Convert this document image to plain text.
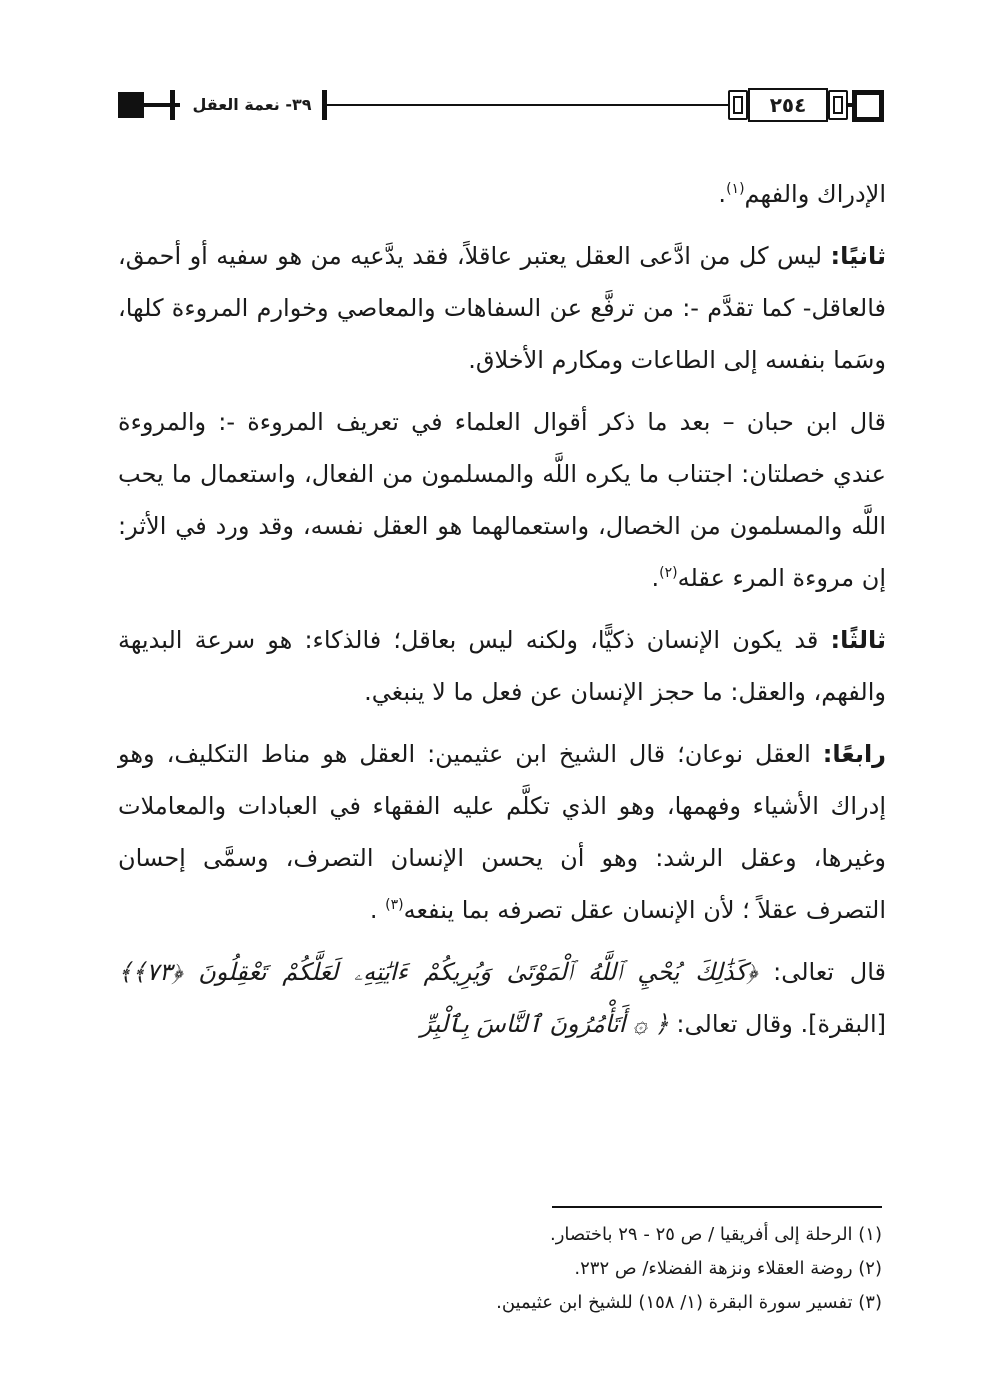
٣٩- نعمة العقل	٢٥٤

الإدراك والفهم$^{(١)}$.

ثانيًا: ليس كل من ادَّعى العقل يعتبر عاقلاً، فقد يدَّعيه من هو سفيه أو أحمق، فالعاقل- كما تقدَّم -: من ترفَّع عن السفاهات والمعاصي وخوارم المروءة كلها، وسَما بنفسه إلى الطاعات ومكارم الأخلاق.

قال ابن حبان – بعد ما ذكر أقوال العلماء في تعريف المروءة -: والمروءة عندي خصلتان: اجتناب ما يكره اللَّه والمسلمون من الفعال، واستعمال ما يحب اللَّه والمسلمون من الخصال، واستعمالهما هو العقل نفسه، وقد ورد في الأثر: إن مروءة المرء عقله$^{(٢)}$.

ثالثًا: قد يكون الإنسان ذكيًّا، ولكنه ليس بعاقل؛ فالذكاء: هو سرعة البديهة والفهم، والعقل: ما حجز الإنسان عن فعل ما لا ينبغي.

رابعًا: العقل نوعان؛ قال الشيخ ابن عثيمين: العقل هو مناط التكليف، وهو إدراك الأشياء وفهمها، وهو الذي تكلَّم عليه الفقهاء في العبادات والمعاملات وغيرها، وعقل الرشد: وهو أن يحسن الإنسان التصرف، وسمَّى إحسان التصرف عقلاً ؛ لأن الإنسان عقل تصرفه بما ينفعه$^{(٣)}$ .

قال تعالى: ﴿كَذَٰلِكَ يُحْيِ ٱللَّهُ ٱلْمَوْتَىٰ وَيُرِيكُمْ ءَايَٰتِهِۦ لَعَلَّكُمْ تَعْقِلُونَ ﴿٧٣﴾﴾ [البقرة]. وقال تعالى: ﴿ ۞ أَتَأْمُرُونَ ٱلنَّاسَ بِٱلْبِرِّ

(١) الرحلة إلى أفريقيا / ص ٢٥ - ٢٩ باختصار.
(٢) روضة العقلاء ونزهة الفضلاء/ ص ٢٣٢.
(٣) تفسير سورة البقرة (١/ ١٥٨) للشيخ ابن عثيمين.
